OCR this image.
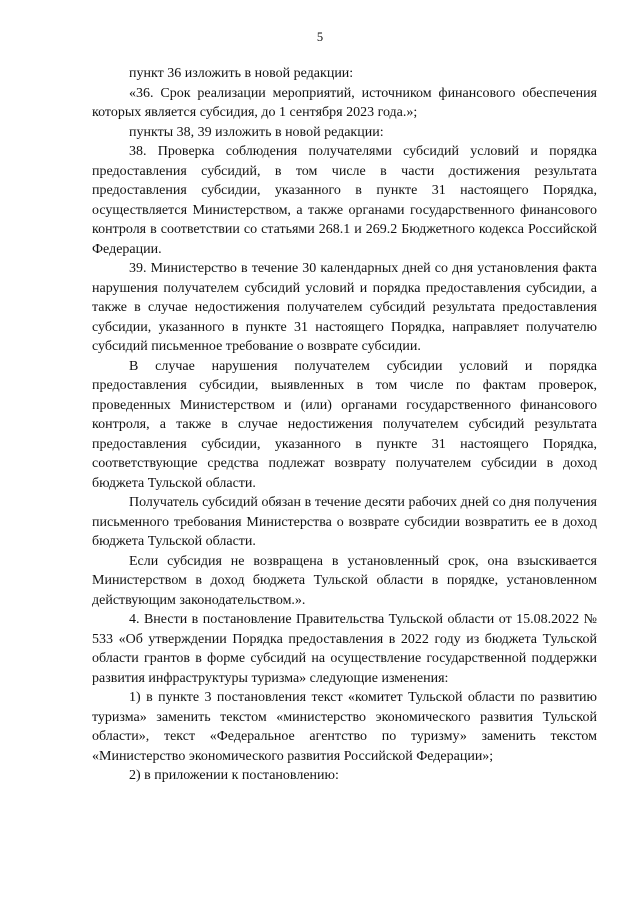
5

пункт 36 изложить в новой редакции:

«36. Срок реализации мероприятий, источником финансового обеспечения которых является субсидия, до 1 сентября 2023 года.»;

пункты 38, 39 изложить в новой редакции:

38. Проверка соблюдения получателями субсидий условий и порядка предоставления субсидий, в том числе в части достижения результата предоставления субсидии, указанного в пункте 31 настоящего Порядка, осуществляется Министерством, а также органами государственного финансового контроля в соответствии со статьями 268.1 и 269.2 Бюджетного кодекса Российской Федерации.

39. Министерство в течение 30 календарных дней со дня установления факта нарушения получателем субсидий условий и порядка предоставления субсидии, а также в случае недостижения получателем субсидий результата предоставления субсидии, указанного в пункте 31 настоящего Порядка, направляет получателю субсидий письменное требование о возврате субсидии.

В случае нарушения получателем субсидии условий и порядка предоставления субсидии, выявленных в том числе по фактам проверок, проведенных Министерством и (или) органами государственного финансового контроля, а также в случае недостижения получателем субсидий результата предоставления субсидии, указанного в пункте 31 настоящего Порядка, соответствующие средства подлежат возврату получателем субсидии в доход бюджета Тульской области.

Получатель субсидий обязан в течение десяти рабочих дней со дня получения письменного требования Министерства о возврате субсидии возвратить ее в доход бюджета Тульской области.

Если субсидия не возвращена в установленный срок, она взыскивается Министерством в доход бюджета Тульской области в порядке, установленном действующим законодательством.».

4. Внести в постановление Правительства Тульской области от 15.08.2022 № 533 «Об утверждении Порядка предоставления в 2022 году из бюджета Тульской области грантов в форме субсидий на осуществление государственной поддержки развития инфраструктуры туризма» следующие изменения:

1) в пункте 3 постановления текст «комитет Тульской области по развитию туризма» заменить текстом «министерство экономического развития Тульской области», текст «Федеральное агентство по туризму» заменить текстом «Министерство экономического развития Российской Федерации»;

2) в приложении к постановлению:
